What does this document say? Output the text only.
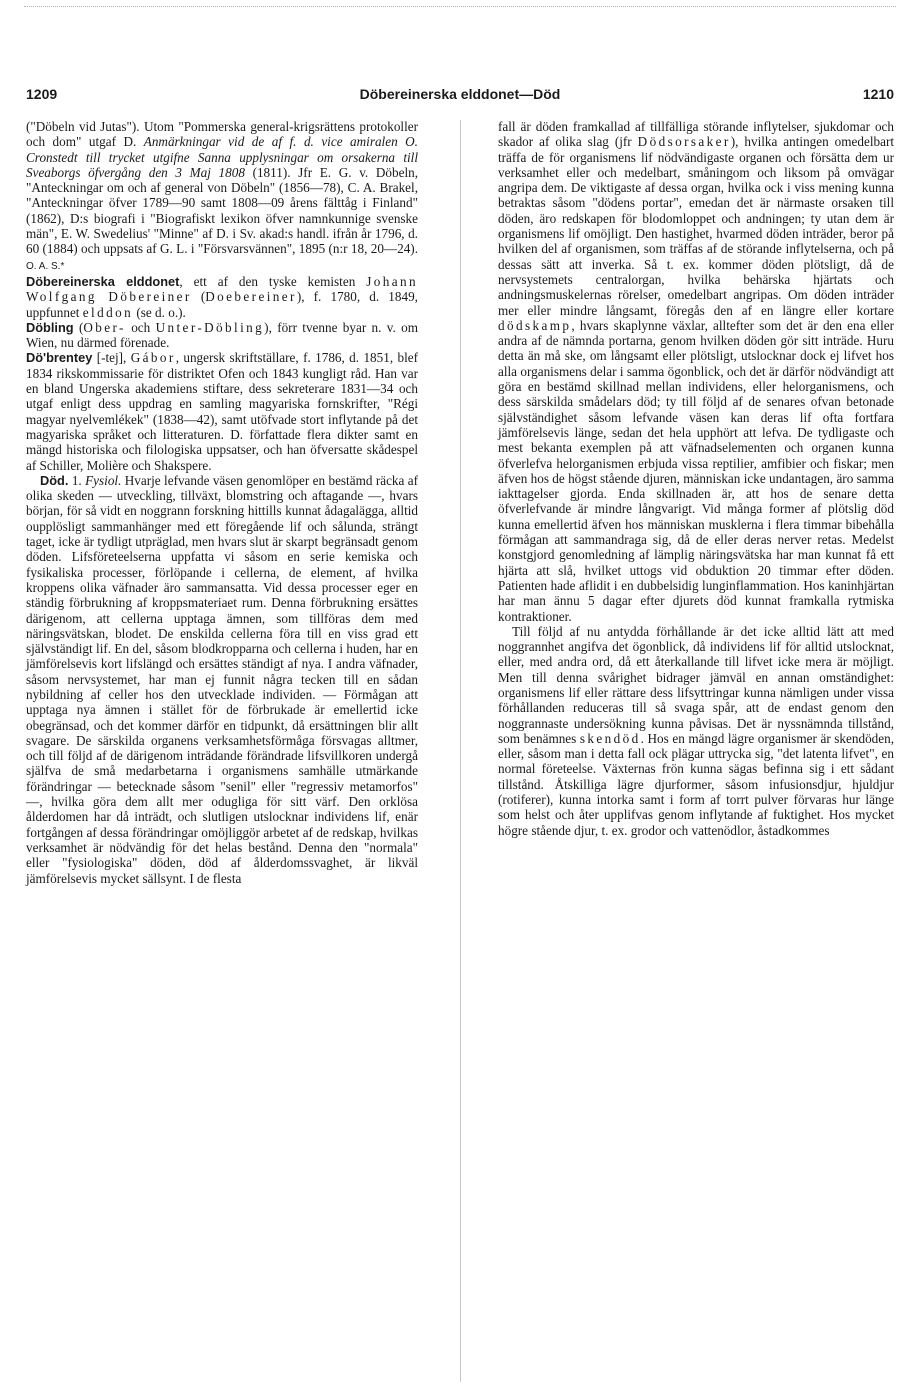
1209	Döbereinerska elddonet—Död	1210

("Döbeln vid Jutas"). Utom "Pommerska general-krigsrättens protokoller och dom" utgaf D. Anmärkningar vid de af f. d. vice amiralen O. Cronstedt till trycket utgifne Sanna upplysningar om orsakerna till Sveaborgs öfvergång den 3 Maj 1808 (1811). Jfr E. G. v. Döbeln, "Anteckningar om och af general von Döbeln" (1856—78), C. A. Brakel, "Anteckningar öfver 1789—90 samt 1808—09 årens fälttåg i Finland" (1862), D:s biografi i "Biografiskt lexikon öfver namnkunnige svenske män", E. W. Swedelius' "Minne" af D. i Sv. akad:s handl. ifrån år 1796, d. 60 (1884) och uppsats af G. L. i "Försvarsvännen", 1895 (n:r 18, 20—24). O. A. S.*

Döbereinerska elddonet, ett af den tyske kemisten Johann Wolfgang Döbereiner (Doebereiner), f. 1780, d. 1849, uppfunnet elddon (se d. o.).

Döbling (Ober- och Unter-Döbling), förr tvenne byar n. v. om Wien, nu därmed förenade.

Dö'brentey [-tej], Gábor, ungersk skriftställare, f. 1786, d. 1851, blef 1834 rikskommissarie för distriktet Ofen och 1843 kungligt råd. Han var en bland Ungerska akademiens stiftare, dess sekreterare 1831—34 och utgaf enligt dess uppdrag en samling magyariska fornskrifter, "Régi magyar nyelvemlékek" (1838—42), samt utöfvade stort inflytande på det magyariska språket och litteraturen. D. författade flera dikter samt en mängd historiska och filologiska uppsatser, och han öfversatte skådespel af Schiller, Molière och Shakspere.

Död. 1. Fysiol. Hvarje lefvande väsen genomlöper en bestämd räcka af olika skeden — utveckling, tillväxt, blomstring och aftagande —, hvars början, för så vidt en noggrann forskning hittills kunnat ådagalägga, alltid oupplösligt sammanhänger med ett föregående lif och sålunda, strängt taget, icke är tydligt utpräglad, men hvars slut är skarpt begränsadt genom döden. Lifsföreteelserna uppfatta vi såsom en serie kemiska och fysikaliska processer, förlöpande i cellerna, de element, af hvilka kroppens olika väfnader äro sammansatta. Vid dessa processer eger en ständig förbrukning af kroppsmateriaet rum. Denna förbrukning ersättes därigenom, att cellerna upptaga ämnen, som tillföras dem med näringsvätskan, blodet. De enskilda cellerna föra till en viss grad ett självständigt lif. En del, såsom blodkropparna och cellerna i huden, har en jämförelsevis kort lifslängd och ersättes ständigt af nya. I andra väfnader, såsom nervsystemet, har man ej funnit några tecken till en sådan nybildning af celler hos den utvecklade individen. — Förmågan att upptaga nya ämnen i stället för de förbrukade är emellertid icke obegränsad, och det kommer därför en tidpunkt, då ersättningen blir allt svagare. De särskilda organens verksamhetsförmåga försvagas alltmer, och till följd af de därigenom inträdande förändrade lifsvillkoren undergå själfva de små medarbetarna i organismens samhälle utmärkande förändringar — betecknade såsom "senil" eller "regressiv metamorfos" —, hvilka göra dem allt mer odugliga för sitt värf. Den orklösa ålderdomen har då inträdt, och slutligen utslocknar individens lif, enär fortgången af dessa förändringar omöjliggör arbetet af de redskap, hvilkas verksamhet är nödvändig för det helas bestånd. Denna den "normala" eller "fysiologiska" döden, död af ålderdomssvaghet, är likväl jämförelsevis mycket sällsynt. I de flesta

fall är döden framkallad af tillfälliga störande inflytelser, sjukdomar och skador af olika slag (jfr Dödsorsaker), hvilka antingen omedelbart träffa de för organismens lif nödvändigaste organen och försätta dem ur verksamhet eller och medelbart, småningom och liksom på omvägar angripa dem. De viktigaste af dessa organ, hvilka ock i viss mening kunna betraktas såsom "dödens portar", emedan det är närmaste orsaken till döden, äro redskapen för blodomloppet och andningen; ty utan dem är organismens lif omöjligt. Den hastighet, hvarmed döden inträder, beror på hvilken del af organismen, som träffas af de störande inflytelserna, och på dessas sätt att inverka. Så t. ex. kommer döden plötsligt, då de nervsystemets centralorgan, hvilka behärska hjärtats och andningsmuskelernas rörelser, omedelbart angripas. Om döden inträder mer eller mindre långsamt, föregås den af en längre eller kortare dödskamp, hvars skaplynne växlar, alltefter som det är den ena eller andra af de nämnda portarna, genom hvilken döden gör sitt inträde. Huru detta än må ske, om långsamt eller plötsligt, utslocknar dock ej lifvet hos alla organismens delar i samma ögonblick, och det är därför nödvändigt att göra en bestämd skillnad mellan individens, eller helorganismens, och dess särskilda smådelars död; ty till följd af de senares ofvan betonade självständighet såsom lefvande väsen kan deras lif ofta fortfara jämförelsevis länge, sedan det hela upphört att lefva. De tydligaste och mest bekanta exemplen på att väfnadselementen och organen kunna öfverlefva helorganismen erbjuda vissa reptilier, amfibier och fiskar; men äfven hos de högst stående djuren, människan icke undantagen, äro samma iakttagelser gjorda. Enda skillnaden är, att hos de senare detta öfverlefvande är mindre långvarigt. Vid många former af plötslig död kunna emellertid äfven hos människan musklerna i flera timmar bibehålla förmågan att sammandraga sig, då de eller deras nerver retas. Medelst konstgjord genomledning af lämplig näringsvätska har man kunnat få ett hjärta att slå, hvilket uttogs vid obduktion 20 timmar efter döden. Patienten hade aflidit i en dubbelsidig lunginflammation. Hos kaninhjärtan har man ännu 5 dagar efter djurets död kunnat framkalla rytmiska kontraktioner.

Till följd af nu antydda förhållande är det icke alltid lätt att med noggrannhet angifva det ögonblick, då individens lif för alltid utslocknat, eller, med andra ord, då ett återkallande till lifvet icke mera är möjligt. Men till denna svårighet bidrager jämväl en annan omständighet: organismens lif eller rättare dess lifsyttringar kunna nämligen under vissa förhållanden reduceras till så svaga spår, att de endast genom den noggrannaste undersökning kunna påvisas. Det är nyssnämnda tillstånd, som benämnes skendöd. Hos en mängd lägre organismer är skendöden, eller, såsom man i detta fall ock plägar uttrycka sig, "det latenta lifvet", en normal företeelse. Växternas frön kunna sägas befinna sig i ett sådant tillstånd. Åtskilliga lägre djurformer, såsom infusionsdjur, hjuldjur (rotiferer), kunna intorka samt i form af torrt pulver förvaras hur länge som helst och åter upplifvas genom inflytande af fuktighet. Hos mycket högre stående djur, t. ex. grodor och vattenödlor, åstadkommes
